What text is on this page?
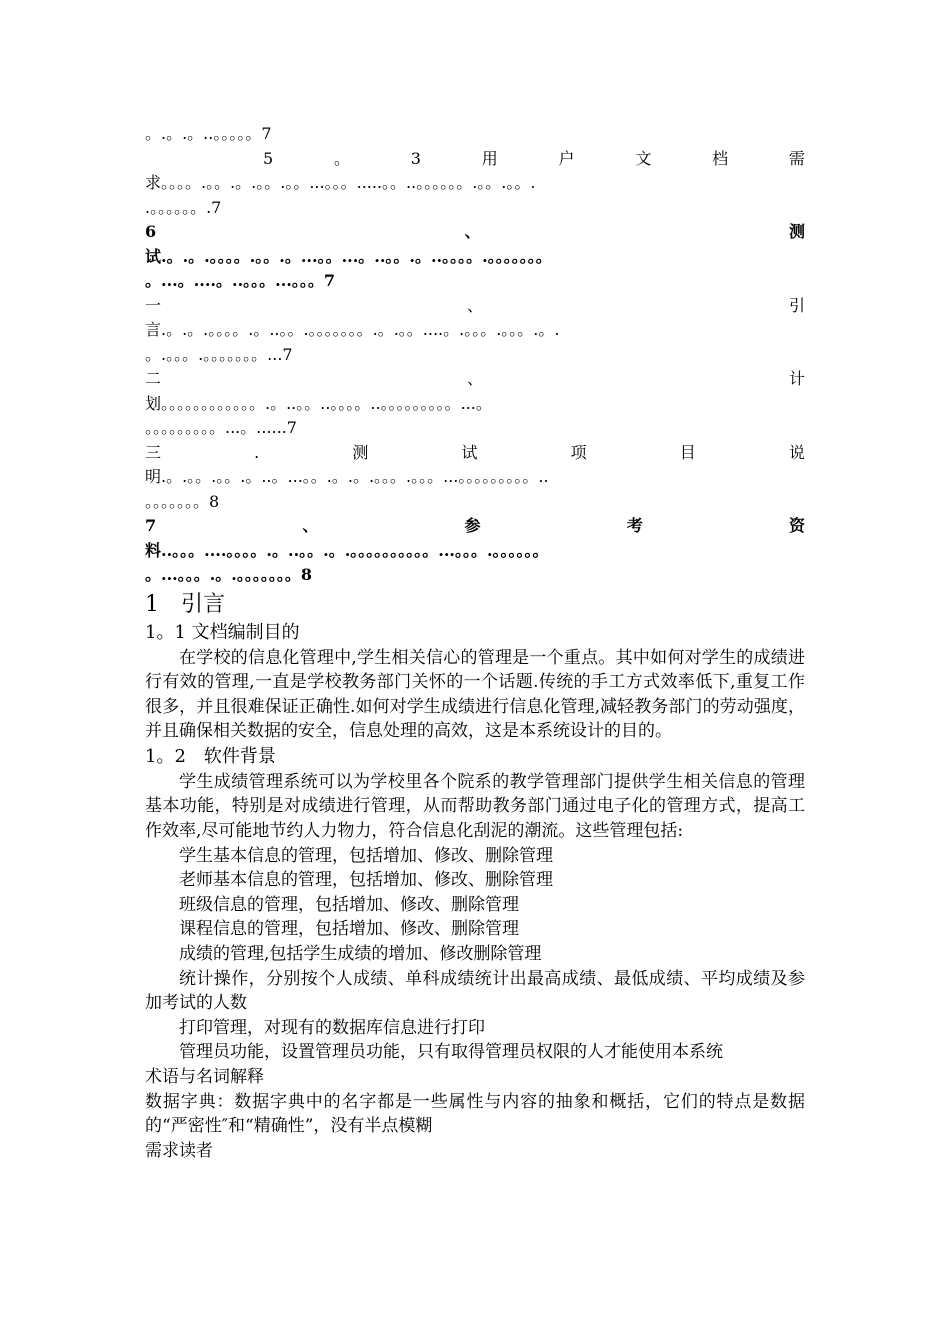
。.。.。..。。。。。7
5	。	3	用	户	文	档	需
求。。。。.。。.。.。。.。。...。。。.....。。..。。。。。。.。。.。。.
.。。。。。。.7
6	、	测
试.。.。.。。。。.。。.。...。。...。..。。.。..。。。。.。。。。。。。
。...。....。..。。。...。。。7
一	、	引
言.。.。.。。。。.。..。。.。。。。。。。.。.。。....。.。。。.。。。.。.
。.。。。.。。。。。。。...7
二	、	计
划。。。。。。。。。。。。.。..。。..。。。。..。。。。。。。。。...。
。。。。。。。。。...。......7
三	.	测	试	项	目	说
明.。.。。.。。.。..。...。。.。.。.。。。.。。。...。。。。。。。。。..
。。。。。。。8
7	、	参	考	资
料..。。。....。。。。.。..。。.。.。。。。。。。。。。...。。。.。。。。。。
。...。。。.。.。。。。。。。8
1　引言
1。1 文档编制目的

在学校的信息化管理中,学生相关信心的管理是一个重点。其中如何对学生的成绩进行有效的管理,一直是学校教务部门关怀的一个话题.传统的手工方式效率低下,重复工作很多，并且很难保证正确性.如何对学生成绩进行信息化管理,减轻教务部门的劳动强度，并且确保相关数据的安全，信息处理的高效，这是本系统设计的目的。

1。2　软件背景

学生成绩管理系统可以为学校里各个院系的教学管理部门提供学生相关信息的管理基本功能，特别是对成绩进行管理，从而帮助教务部门通过电子化的管理方式，提高工作效率,尽可能地节约人力物力，符合信息化刮泥的潮流。这些管理包括:

学生基本信息的管理，包括增加、修改、删除管理
老师基本信息的管理，包括增加、修改、删除管理
班级信息的管理，包括增加、修改、删除管理
课程信息的管理，包括增加、修改、删除管理
成绩的管理,包括学生成绩的增加、修改删除管理

统计操作，分别按个人成绩、单科成绩统计出最高成绩、最低成绩、平均成绩及参加考试的人数

打印管理，对现有的数据库信息进行打印
管理员功能，设置管理员功能，只有取得管理员权限的人才能使用本系统
术语与名词解释

数据字典：数据字典中的名字都是一些属性与内容的抽象和概括，它们的特点是数据的“严密性″和“精确性”，没有半点模糊

需求读者
